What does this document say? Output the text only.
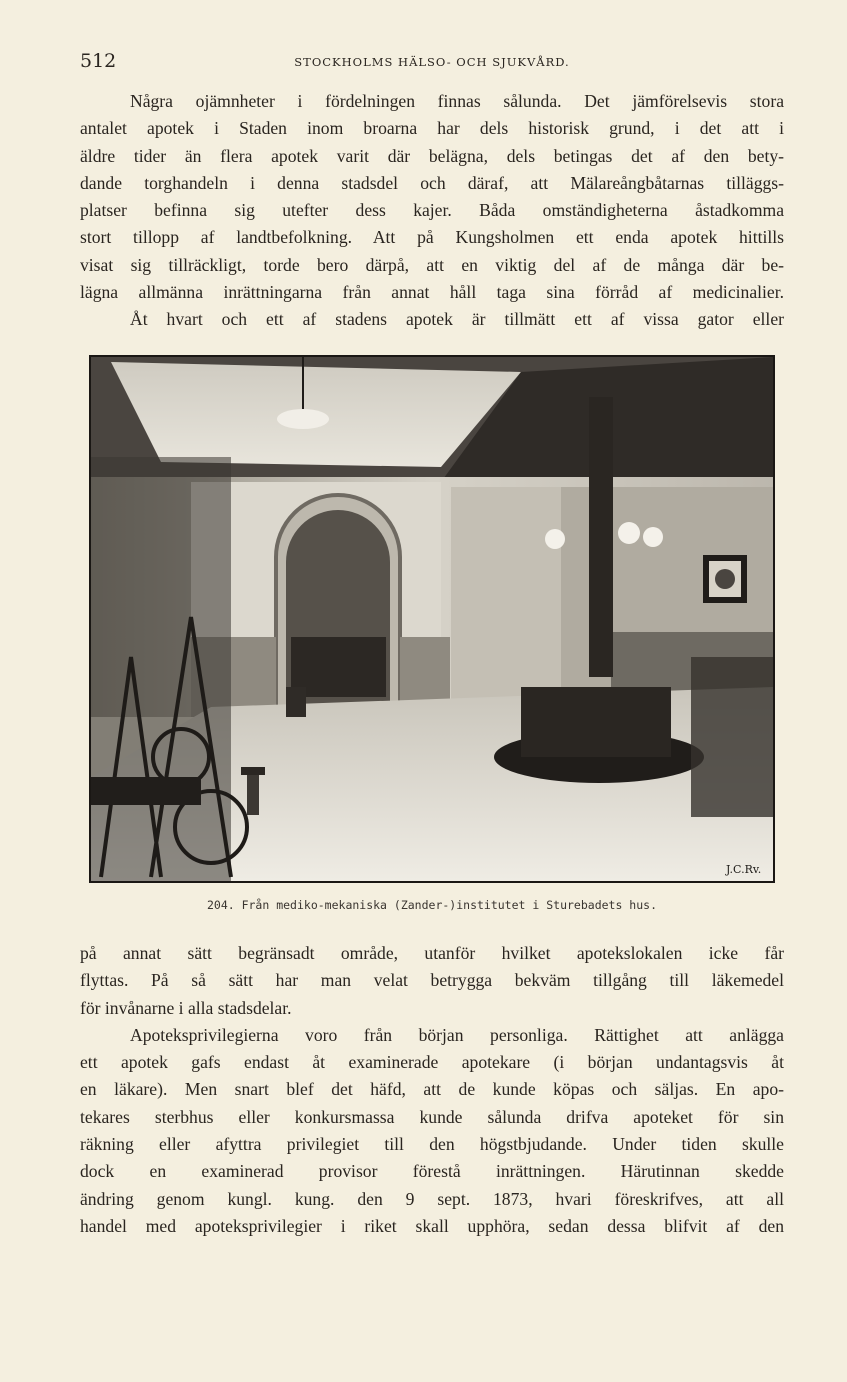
512	STOCKHOLMS HÄLSO- OCH SJUKVÅRD.
Några ojämnheter i fördelningen finnas sålunda. Det jämförelsevis stora
antalet apotek i Staden inom broarna har dels historisk grund, i det att i
äldre tider än flera apotek varit där belägna, dels betingas det af den bety-
dande torghandeln i denna stadsdel och däraf, att Mälareångbåtarnas tilläggs-
platser befinna sig utefter dess kajer. Båda omständigheterna åstadkomma
stort tillopp af landtbefolkning. Att på Kungsholmen ett enda apotek hittills
visat sig tillräckligt, torde bero därpå, att en viktig del af de många där be-
lägna allmänna inrättningarna från annat håll taga sina förråd af medicinalier.
Åt hvart och ett af stadens apotek är tillmätt ett af vissa gator eller
J.C.Rv.
204. Från mediko-mekaniska (Zander-)institutet i Sturebadets hus.
på annat sätt begränsadt område, utanför hvilket apotekslokalen icke får
flyttas. På så sätt har man velat betrygga bekväm tillgång till läkemedel
för invånarne i alla stadsdelar.
Apoteksprivilegierna voro från början personliga. Rättighet att anlägga
ett apotek gafs endast åt examinerade apotekare (i början undantagsvis åt
en läkare). Men snart blef det häfd, att de kunde köpas och säljas. En apo-
tekares sterbhus eller konkursmassa kunde sålunda drifva apoteket för sin
räkning eller afyttra privilegiet till den högstbjudande. Under tiden skulle
dock en examinerad provisor förestå inrättningen. Härutinnan skedde
ändring genom kungl. kung. den 9 sept. 1873, hvari föreskrifves, att all
handel med apoteksprivilegier i riket skall upphöra, sedan dessa blifvit af den
